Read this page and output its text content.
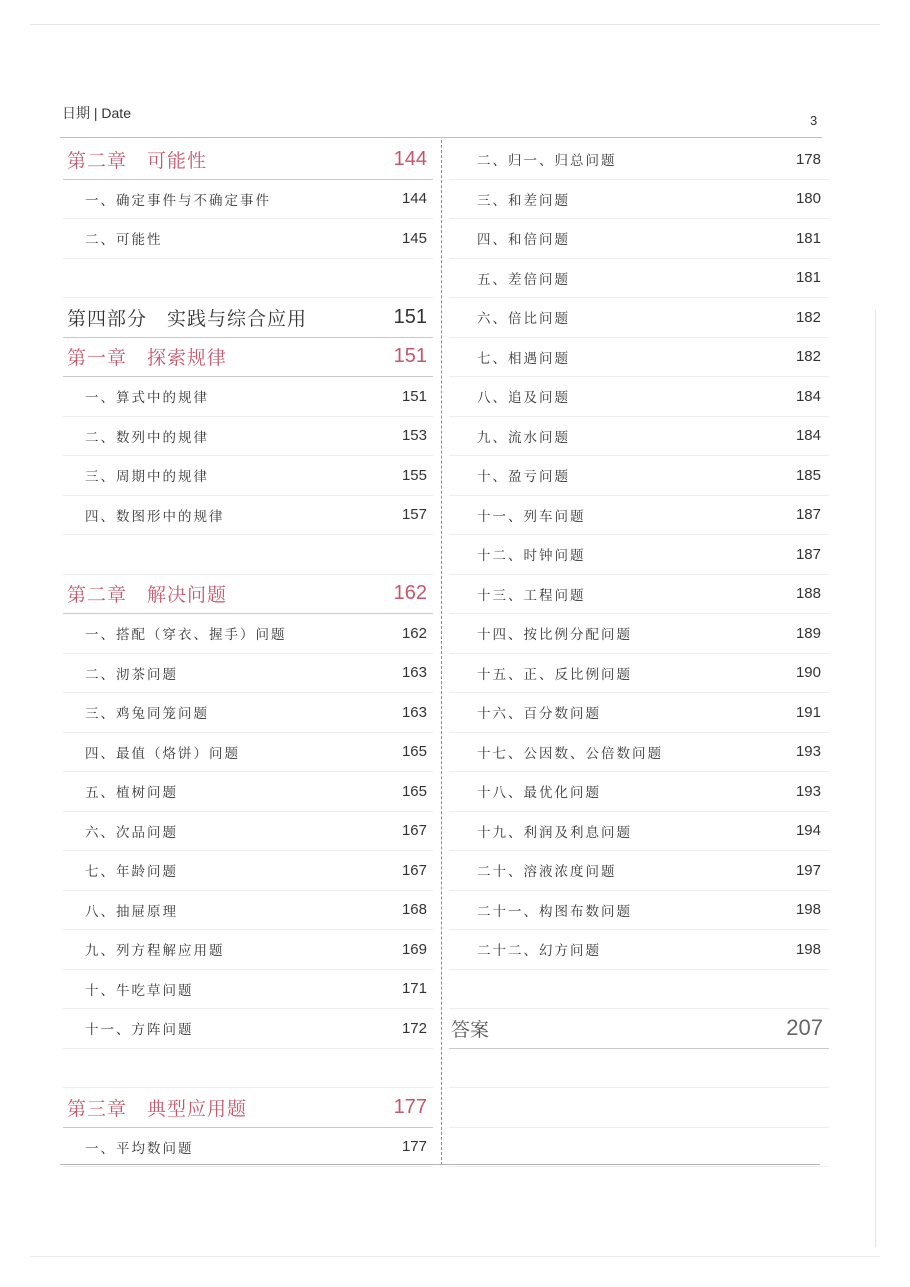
日期 | Date	3
第二章　可能性	144
一、确定事件与不确定事件	144
二、可能性	145
第四部分　实践与综合应用	151
第一章　探索规律	151
一、算式中的规律	151
二、数列中的规律	153
三、周期中的规律	155
四、数图形中的规律	157
第二章　解决问题	162
一、搭配（穿衣、握手）问题	162
二、沏茶问题	163
三、鸡兔同笼问题	163
四、最值（烙饼）问题	165
五、植树问题	165
六、次品问题	167
七、年龄问题	167
八、抽屉原理	168
九、列方程解应用题	169
十、牛吃草问题	171
十一、方阵问题	172
第三章　典型应用题	177
一、平均数问题	177
二、归一、归总问题	178
三、和差问题	180
四、和倍问题	181
五、差倍问题	181
六、倍比问题	182
七、相遇问题	182
八、追及问题	184
九、流水问题	184
十、盈亏问题	185
十一、列车问题	187
十二、时钟问题	187
十三、工程问题	188
十四、按比例分配问题	189
十五、正、反比例问题	190
十六、百分数问题	191
十七、公因数、公倍数问题	193
十八、最优化问题	193
十九、利润及利息问题	194
二十、溶液浓度问题	197
二十一、构图布数问题	198
二十二、幻方问题	198
答案	207
